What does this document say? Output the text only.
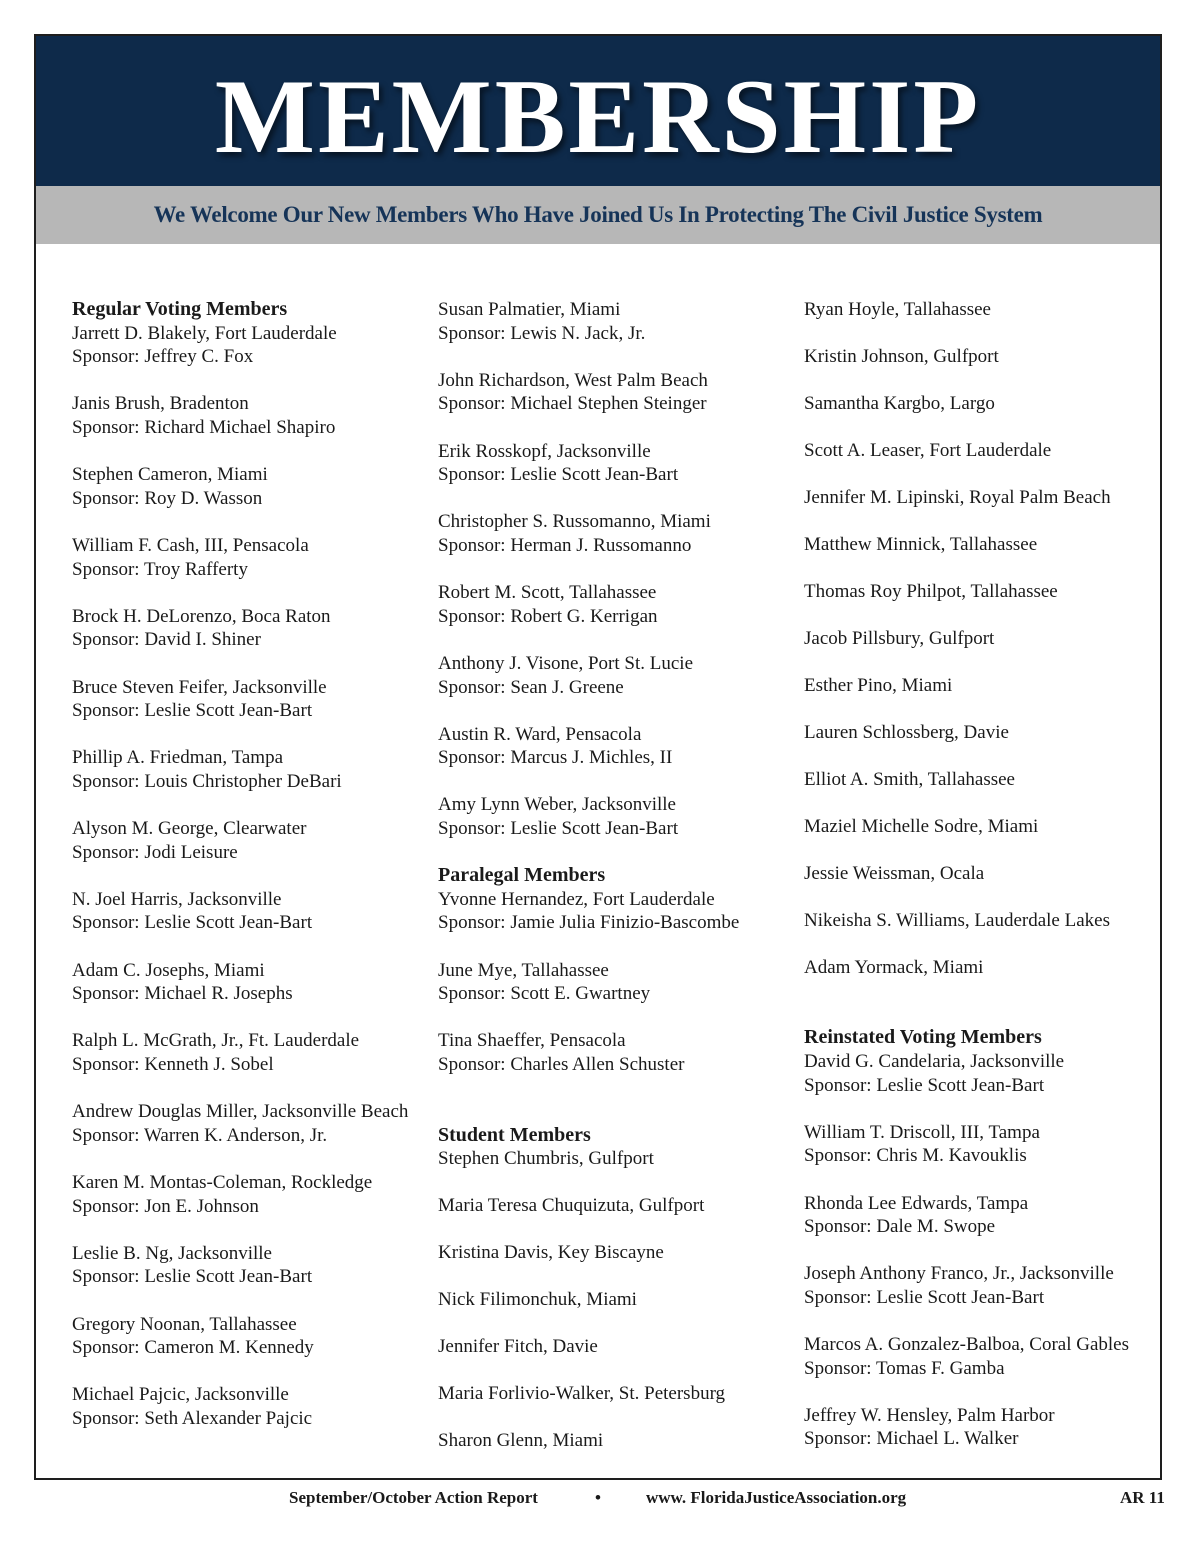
MEMBERSHIP
We Welcome Our New Members Who Have Joined Us In Protecting The Civil Justice System
Regular Voting Members
Jarrett D. Blakely, Fort Lauderdale
Sponsor: Jeffrey C. Fox
Janis Brush, Bradenton
Sponsor: Richard Michael Shapiro
Stephen Cameron, Miami
Sponsor: Roy D. Wasson
William F. Cash, III, Pensacola
Sponsor: Troy Rafferty
Brock H. DeLorenzo, Boca Raton
Sponsor: David I. Shiner
Bruce Steven Feifer, Jacksonville
Sponsor: Leslie Scott Jean-Bart
Phillip A. Friedman, Tampa
Sponsor: Louis Christopher DeBari
Alyson M. George, Clearwater
Sponsor: Jodi Leisure
N. Joel Harris, Jacksonville
Sponsor: Leslie Scott Jean-Bart
Adam C. Josephs, Miami
Sponsor: Michael R. Josephs
Ralph L. McGrath, Jr., Ft. Lauderdale
Sponsor: Kenneth J. Sobel
Andrew Douglas Miller, Jacksonville Beach
Sponsor: Warren K. Anderson, Jr.
Karen M. Montas-Coleman, Rockledge
Sponsor: Jon E. Johnson
Leslie B. Ng, Jacksonville
Sponsor: Leslie Scott Jean-Bart
Gregory Noonan, Tallahassee
Sponsor: Cameron M. Kennedy
Michael Pajcic, Jacksonville
Sponsor: Seth Alexander Pajcic
Susan Palmatier, Miami
Sponsor: Lewis N. Jack, Jr.
John Richardson, West Palm Beach
Sponsor: Michael Stephen Steinger
Erik Rosskopf, Jacksonville
Sponsor: Leslie Scott Jean-Bart
Christopher S. Russomanno, Miami
Sponsor: Herman J. Russomanno
Robert M. Scott, Tallahassee
Sponsor: Robert G. Kerrigan
Anthony J. Visone, Port St. Lucie
Sponsor: Sean J. Greene
Austin R. Ward, Pensacola
Sponsor: Marcus J. Michles, II
Amy Lynn Weber, Jacksonville
Sponsor: Leslie Scott Jean-Bart
Paralegal Members
Yvonne Hernandez, Fort Lauderdale
Sponsor: Jamie Julia Finizio-Bascombe
June Mye, Tallahassee
Sponsor: Scott E. Gwartney
Tina Shaeffer, Pensacola
Sponsor: Charles Allen Schuster
Student Members
Stephen Chumbris, Gulfport
Maria Teresa Chuquizuta, Gulfport
Kristina Davis, Key Biscayne
Nick Filimonchuk, Miami
Jennifer Fitch, Davie
Maria Forlivio-Walker, St. Petersburg
Sharon Glenn, Miami
Ryan Hoyle, Tallahassee
Kristin Johnson, Gulfport
Samantha Kargbo, Largo
Scott A. Leaser, Fort Lauderdale
Jennifer M. Lipinski, Royal Palm Beach
Matthew Minnick, Tallahassee
Thomas Roy Philpot, Tallahassee
Jacob Pillsbury, Gulfport
Esther Pino, Miami
Lauren Schlossberg, Davie
Elliot A. Smith, Tallahassee
Maziel Michelle Sodre, Miami
Jessie Weissman, Ocala
Nikeisha S. Williams, Lauderdale Lakes
Adam Yormack, Miami
Reinstated Voting Members
David G. Candelaria, Jacksonville
Sponsor: Leslie Scott Jean-Bart
William T. Driscoll, III, Tampa
Sponsor: Chris M. Kavouklis
Rhonda Lee Edwards, Tampa
Sponsor: Dale M. Swope
Joseph Anthony Franco, Jr., Jacksonville
Sponsor: Leslie Scott Jean-Bart
Marcos A. Gonzalez-Balboa, Coral Gables
Sponsor: Tomas F. Gamba
Jeffrey W. Hensley, Palm Harbor
Sponsor: Michael L. Walker
September/October Action Report	•	www. FloridaJusticeAssociation.org	AR 11
